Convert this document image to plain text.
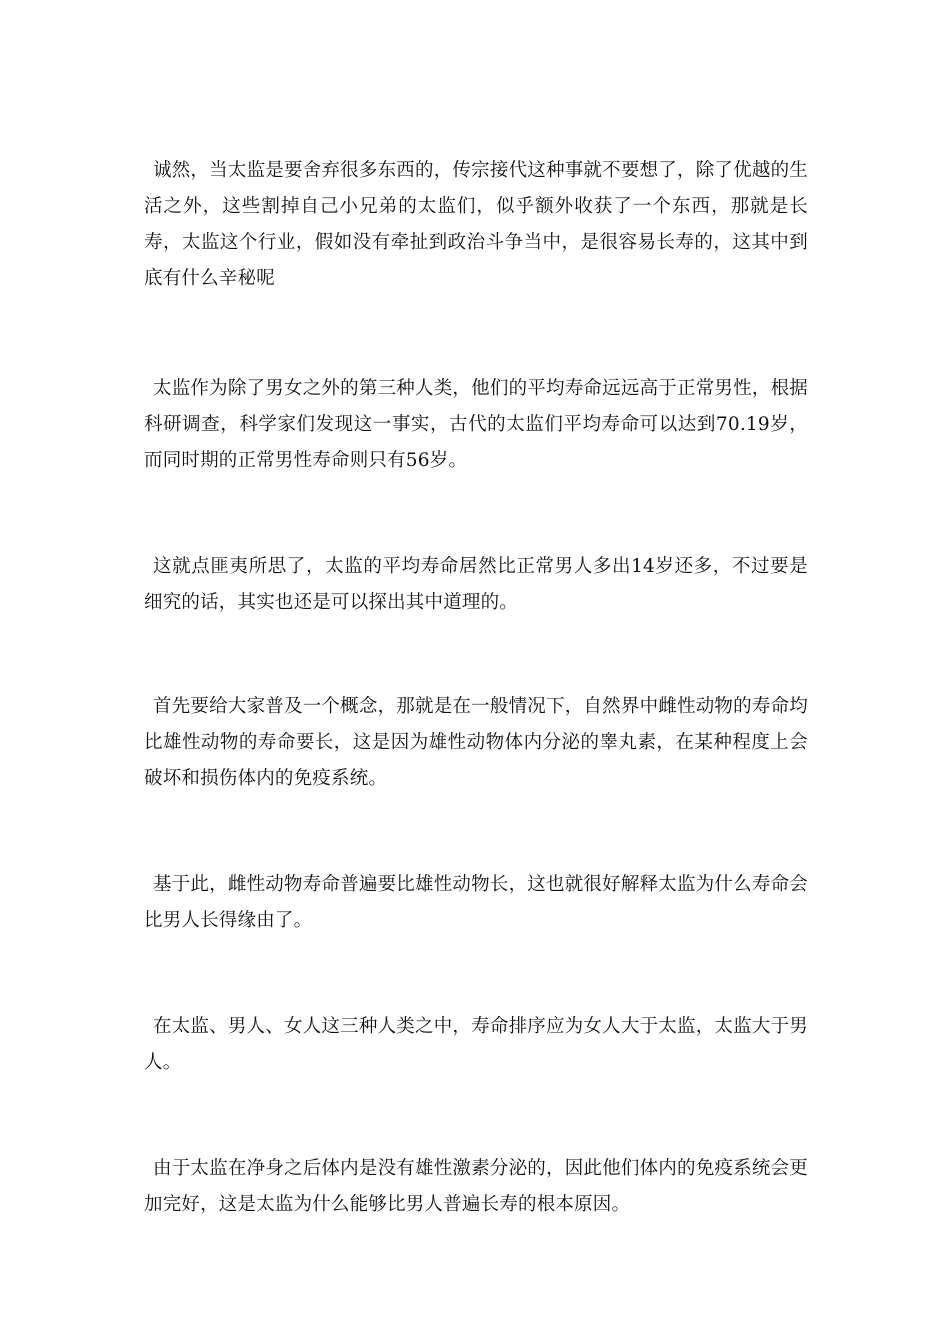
诚然，当太监是要舍弃很多东西的，传宗接代这种事就不要想了，除了优越的生活之外，这些割掉自己小兄弟的太监们，似乎额外收获了一个东西，那就是长寿，太监这个行业，假如没有牵扯到政治斗争当中，是很容易长寿的，这其中到底有什么辛秘呢

太监作为除了男女之外的第三种人类，他们的平均寿命远远高于正常男性，根据科研调查，科学家们发现这一事实，古代的太监们平均寿命可以达到70.19岁，而同时期的正常男性寿命则只有56岁。

这就点匪夷所思了，太监的平均寿命居然比正常男人多出14岁还多，不过要是细究的话，其实也还是可以探出其中道理的。

首先要给大家普及一个概念，那就是在一般情况下，自然界中雌性动物的寿命均比雄性动物的寿命要长，这是因为雄性动物体内分泌的睾丸素，在某种程度上会破坏和损伤体内的免疫系统。

基于此，雌性动物寿命普遍要比雄性动物长，这也就很好解释太监为什么寿命会比男人长得缘由了。

在太监、男人、女人这三种人类之中，寿命排序应为女人大于太监，太监大于男人。

由于太监在净身之后体内是没有雄性激素分泌的，因此他们体内的免疫系统会更加完好，这是太监为什么能够比男人普遍长寿的根本原因。
